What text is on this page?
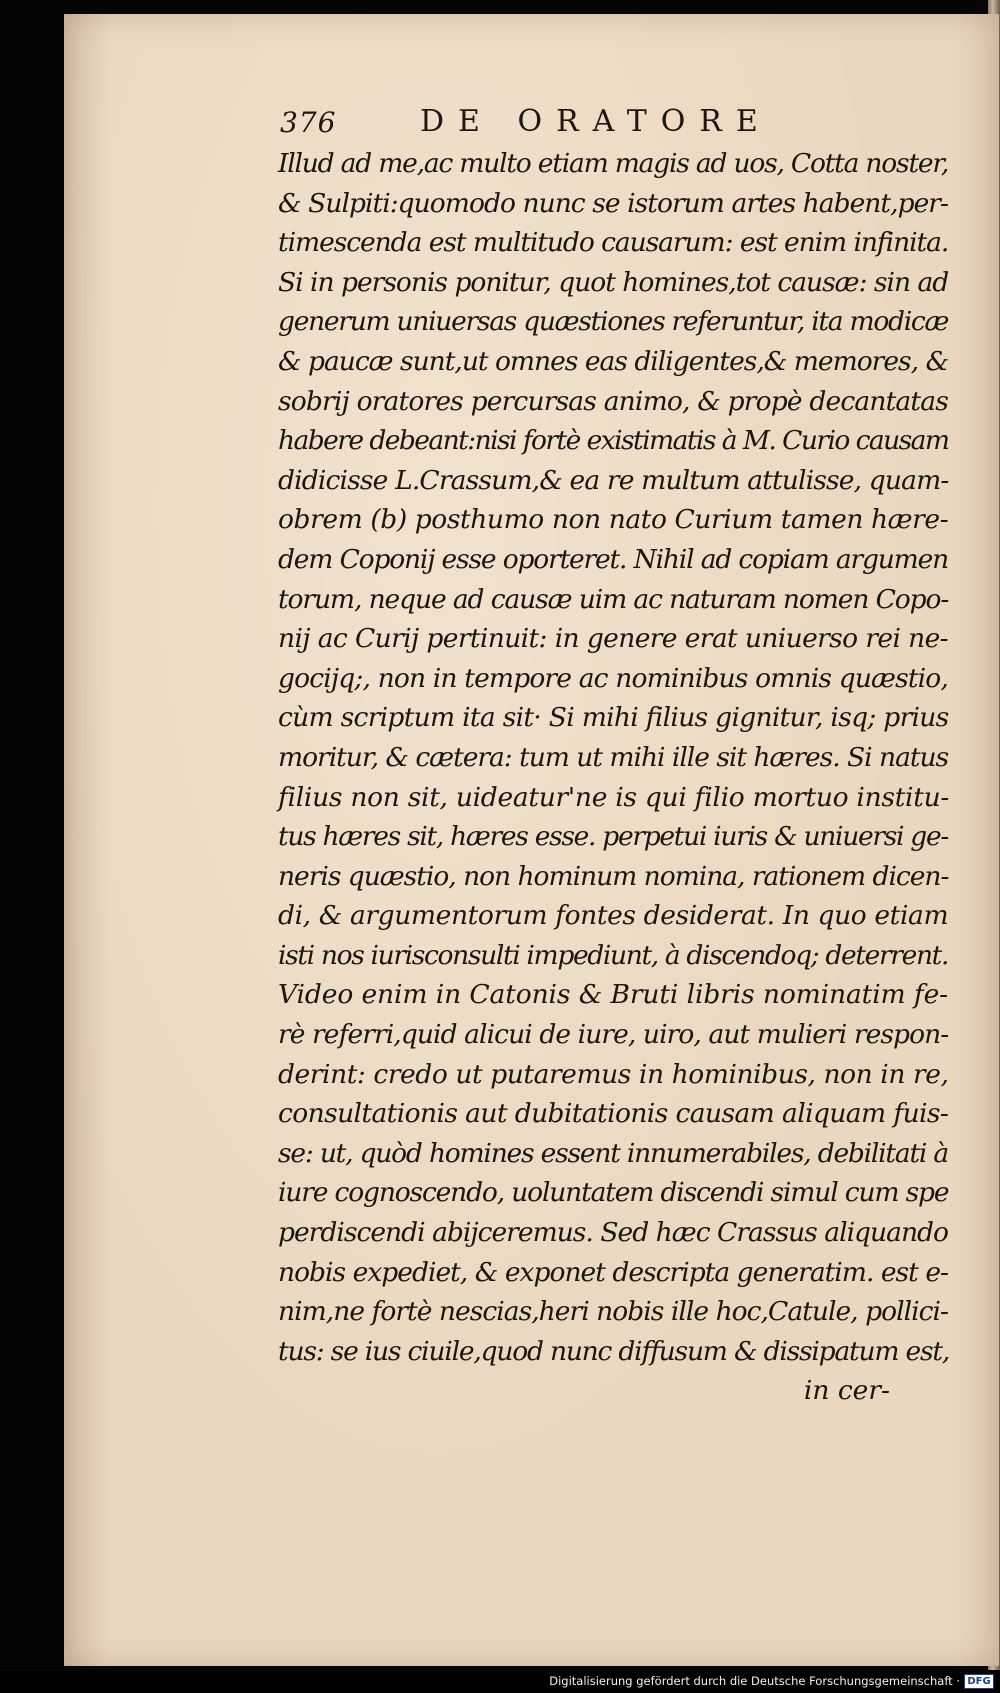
376	DE ORATORE
Illud ad me,ac multo etiam magis ad uos, Cotta noster,
& Sulpiti:quomodo nunc se istorum artes habent,per-
timescenda est multitudo causarum: est enim infinita.
Si in personis ponitur, quot homines,tot causæ: sin ad
generum uniuersas quæstiones referuntur, ita modicæ
& paucæ sunt,ut omnes eas diligentes,& memores, &
sobrij oratores percursas animo, & propè decantatas
habere debeant:nisi fortè existimatis à M. Curio causam
didicisse L.Crassum,& ea re multum attulisse, quam-
obrem (b) posthumo non nato Curium tamen hære-
dem Coponij esse oporteret. Nihil ad copiam argumen
torum, neque ad causæ uim ac naturam nomen Copo-
nij ac Curij pertinuit: in genere erat uniuerso rei ne-
gocijq;, non in tempore ac nominibus omnis quæstio,
cùm scriptum ita sit· Si mihi filius gignitur, isq; prius
moritur, & cætera: tum ut mihi ille sit hæres. Si natus
filius non sit, uideatur'ne is qui filio mortuo institu-
tus hæres sit, hæres esse. perpetui iuris & uniuersi ge-
neris quæstio, non hominum nomina, rationem dicen-
di, & argumentorum fontes desiderat. In quo etiam
isti nos iurisconsulti impediunt, à discendoq; deterrent.
Video enim in Catonis & Bruti libris nominatim fe-
rè referri,quid alicui de iure, uiro, aut mulieri respon-
derint: credo ut putaremus in hominibus, non in re,
consultationis aut dubitationis causam aliquam fuis-
se: ut, quòd homines essent innumerabiles, debilitati à
iure cognoscendo, uoluntatem discendi simul cum spe
perdiscendi abijceremus. Sed hæc Crassus aliquando
nobis expediet, & exponet descripta generatim. est e-
nim,ne fortè nescias,heri nobis ille hoc,Catule, pollici-
tus: se ius ciuile,quod nunc diffusum & dissipatum est,
in cer-
Digitalisierung gefördert durch die Deutsche Forschungsgemeinschaft · DFG
